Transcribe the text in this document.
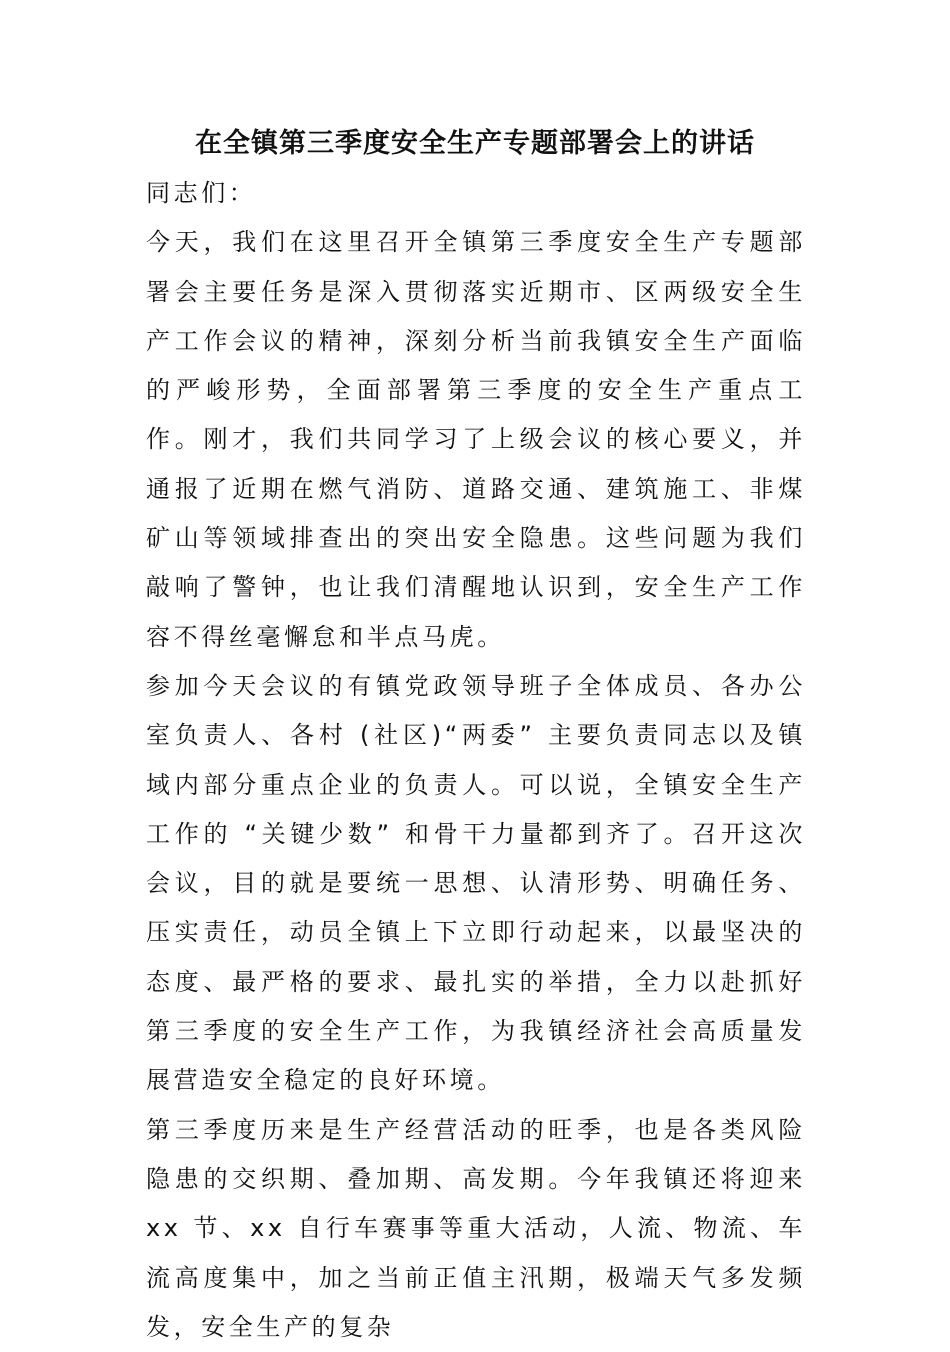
在全镇第三季度安全生产专题部署会上的讲话

同志们：

今天，我们在这里召开全镇第三季度安全生产专题部署会主要任务是深入贯彻落实近期市、区两级安全生产工作会议的精神，深刻分析当前我镇安全生产面临的严峻形势，全面部署第三季度的安全生产重点工作。刚才，我们共同学习了上级会议的核心要义，并通报了近期在燃气消防、道路交通、建筑施工、非煤矿山等领域排查出的突出安全隐患。这些问题为我们敲响了警钟，也让我们清醒地认识到，安全生产工作容不得丝毫懈怠和半点马虎。

参加今天会议的有镇党政领导班子全体成员、各办公室负责人、各村 (社区)“两委” 主要负责同志以及镇域内部分重点企业的负责人。可以说，全镇安全生产工作的 “关键少数” 和骨干力量都到齐了。召开这次会议，目的就是要统一思想、认清形势、明确任务、压实责任，动员全镇上下立即行动起来，以最坚决的态度、最严格的要求、最扎实的举措，全力以赴抓好第三季度的安全生产工作，为我镇经济社会高质量发展营造安全稳定的良好环境。

第三季度历来是生产经营活动的旺季，也是各类风险隐患的交织期、叠加期、高发期。今年我镇还将迎来 xx 节、xx 自行车赛事等重大活动，人流、物流、车流高度集中，加之当前正值主汛期，极端天气多发频发，安全生产的复杂
